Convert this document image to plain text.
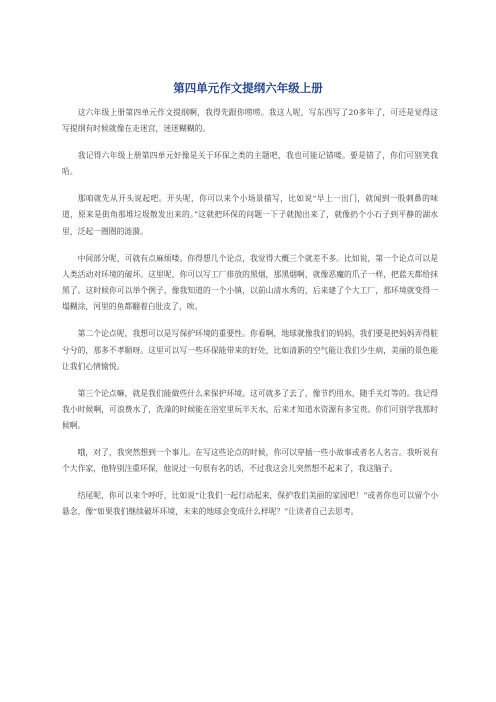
第四单元作文提纲六年级上册

这六年级上册第四单元作文提纲啊，我得先跟你唠唠。我这人呢，写东西写了20多年了，可还是觉得这写提纲有时候就像在走迷宫，迷迷糊糊的。

我记得六年级上册第四单元好像是关于环保之类的主题吧，我也可能记错喽。要是错了，你们可别笑我哈。

那咱就先从开头说起吧。开头呢，你可以来个小场景描写，比如说“早上一出门，就闻到一股刺鼻的味道，原来是街角那堆垃圾散发出来的。”这就把环保的问题一下子就抛出来了，就像扔个小石子到平静的湖水里，泛起一圈圈的涟漪。

中间部分呢，可就有点麻烦喽。你得想几个论点，我觉得大概三个就差不多。比如说，第一个论点可以是人类活动对环境的破坏。这里呢，你可以写工厂排放的黑烟，那黑烟啊，就像恶魔的爪子一样，把蓝天都给抹黑了。这时候你可以举个例子，像我知道的一个小镇，以前山清水秀的，后来建了个大工厂，那环境就变得一塌糊涂，河里的鱼都翻着白肚皮了，唉。

第二个论点呢，我想可以是写保护环境的重要性。你看啊，地球就像我们的妈妈，我们要是把妈妈弄得脏兮兮的，那多不孝顺呀。这里可以写一些环保能带来的好处，比如清新的空气能让我们少生病，美丽的景色能让我们心情愉悦。

第三个论点嘛，就是我们能做些什么来保护环境。这可就多了去了，像节约用水，随手关灯等的。我记得我小时候啊，可浪费水了，洗澡的时候能在浴室里玩半天水，后来才知道水资源有多宝贵。你们可别学我那时候啊。

哦，对了，我突然想到一个事儿。在写这些论点的时候，你可以穿插一些小故事或者名人名言。我听说有个大作家，他特别注重环保，他说过一句很有名的话，不过我这会儿突然想不起来了，我这脑子。

结尾呢，你可以来个呼吁，比如说“让我们一起行动起来，保护我们美丽的家园吧！”或者你也可以留个小悬念，像“如果我们继续破坏环境，未来的地球会变成什么样呢？”让读者自己去思考。
